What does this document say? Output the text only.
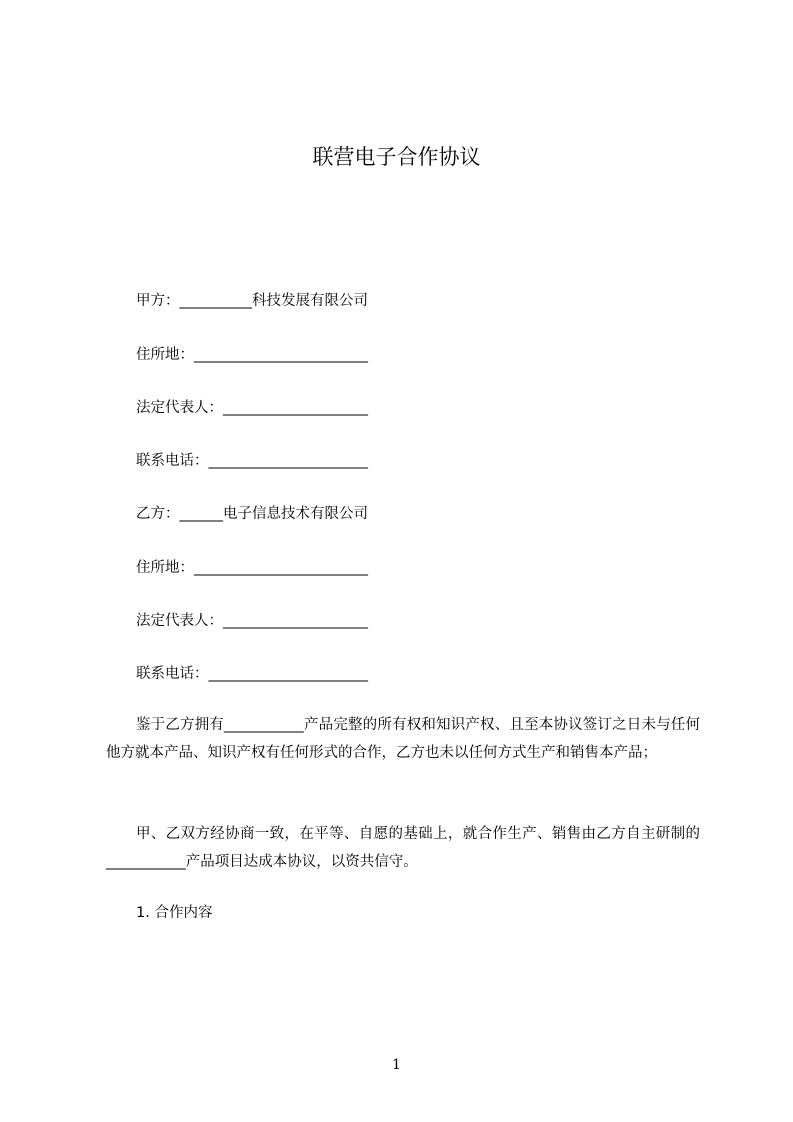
联营电子合作协议
甲方：__________科技发展有限公司
住所地：________________________
法定代表人：____________________
联系电话：______________________
乙方：______电子信息技术有限公司
住所地：________________________
法定代表人：____________________
联系电话：______________________
鉴于乙方拥有___________产品完整的所有权和知识产权、且至本协议签订之日未与任何他方就本产品、知识产权有任何形式的合作，乙方也未以任何方式生产和销售本产品；
甲、乙双方经协商一致，在平等、自愿的基础上，就合作生产、销售由乙方自主研制的___________产品项目达成本协议，以资共信守。
1. 合作内容
1
